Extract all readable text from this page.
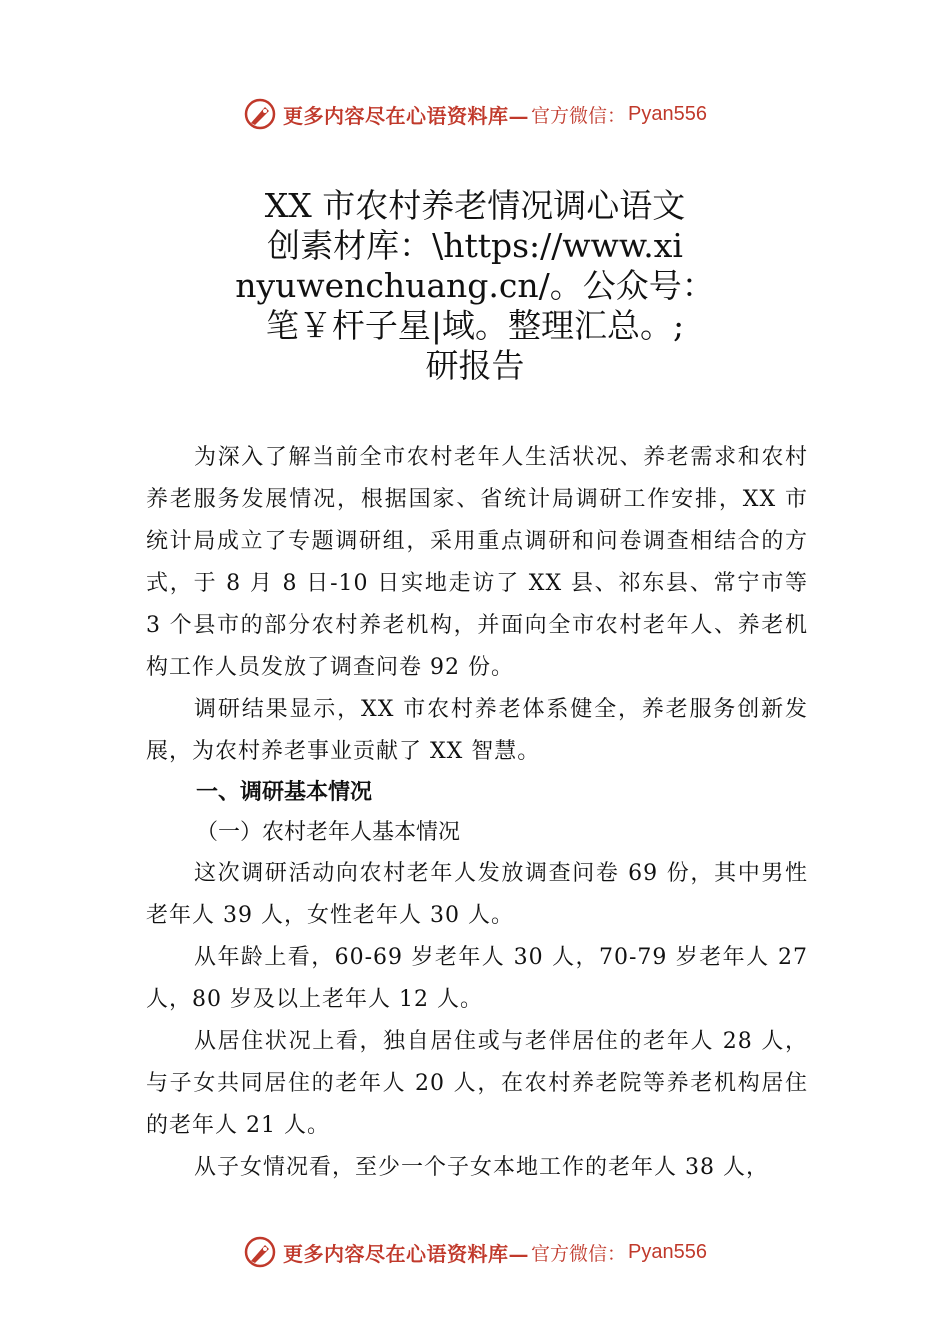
更多内容尽在心语资料库— 官方微信： Pyan556
XX 市农村养老情况调心语文
创素材库：\https://www.xi
nyuwenchuang.cn/。公众号：
笔￥杆子星|域。整理汇总。;
研报告

为深入了解当前全市农村老年人生活状况、养老需求和农村养老服务发展情况，根据国家、省统计局调研工作安排，XX 市统计局成立了专题调研组，采用重点调研和问卷调查相结合的方式，于 8 月 8 日-10 日实地走访了 XX 县、祁东县、常宁市等 3 个县市的部分农村养老机构，并面向全市农村老年人、养老机构工作人员发放了调查问卷 92 份。

调研结果显示，XX 市农村养老体系健全，养老服务创新发展，为农村养老事业贡献了 XX 智慧。

一、调研基本情况

（一）农村老年人基本情况

这次调研活动向农村老年人发放调查问卷 69 份，其中男性老年人 39 人，女性老年人 30 人。

从年龄上看，60-69 岁老年人 30 人，70-79 岁老年人 27 人，80 岁及以上老年人 12 人。

从居住状况上看，独自居住或与老伴居住的老年人 28 人，与子女共同居住的老年人 20 人，在农村养老院等养老机构居住的老年人 21 人。

从子女情况看，至少一个子女本地工作的老年人 38 人，

更多内容尽在心语资料库— 官方微信： Pyan556
